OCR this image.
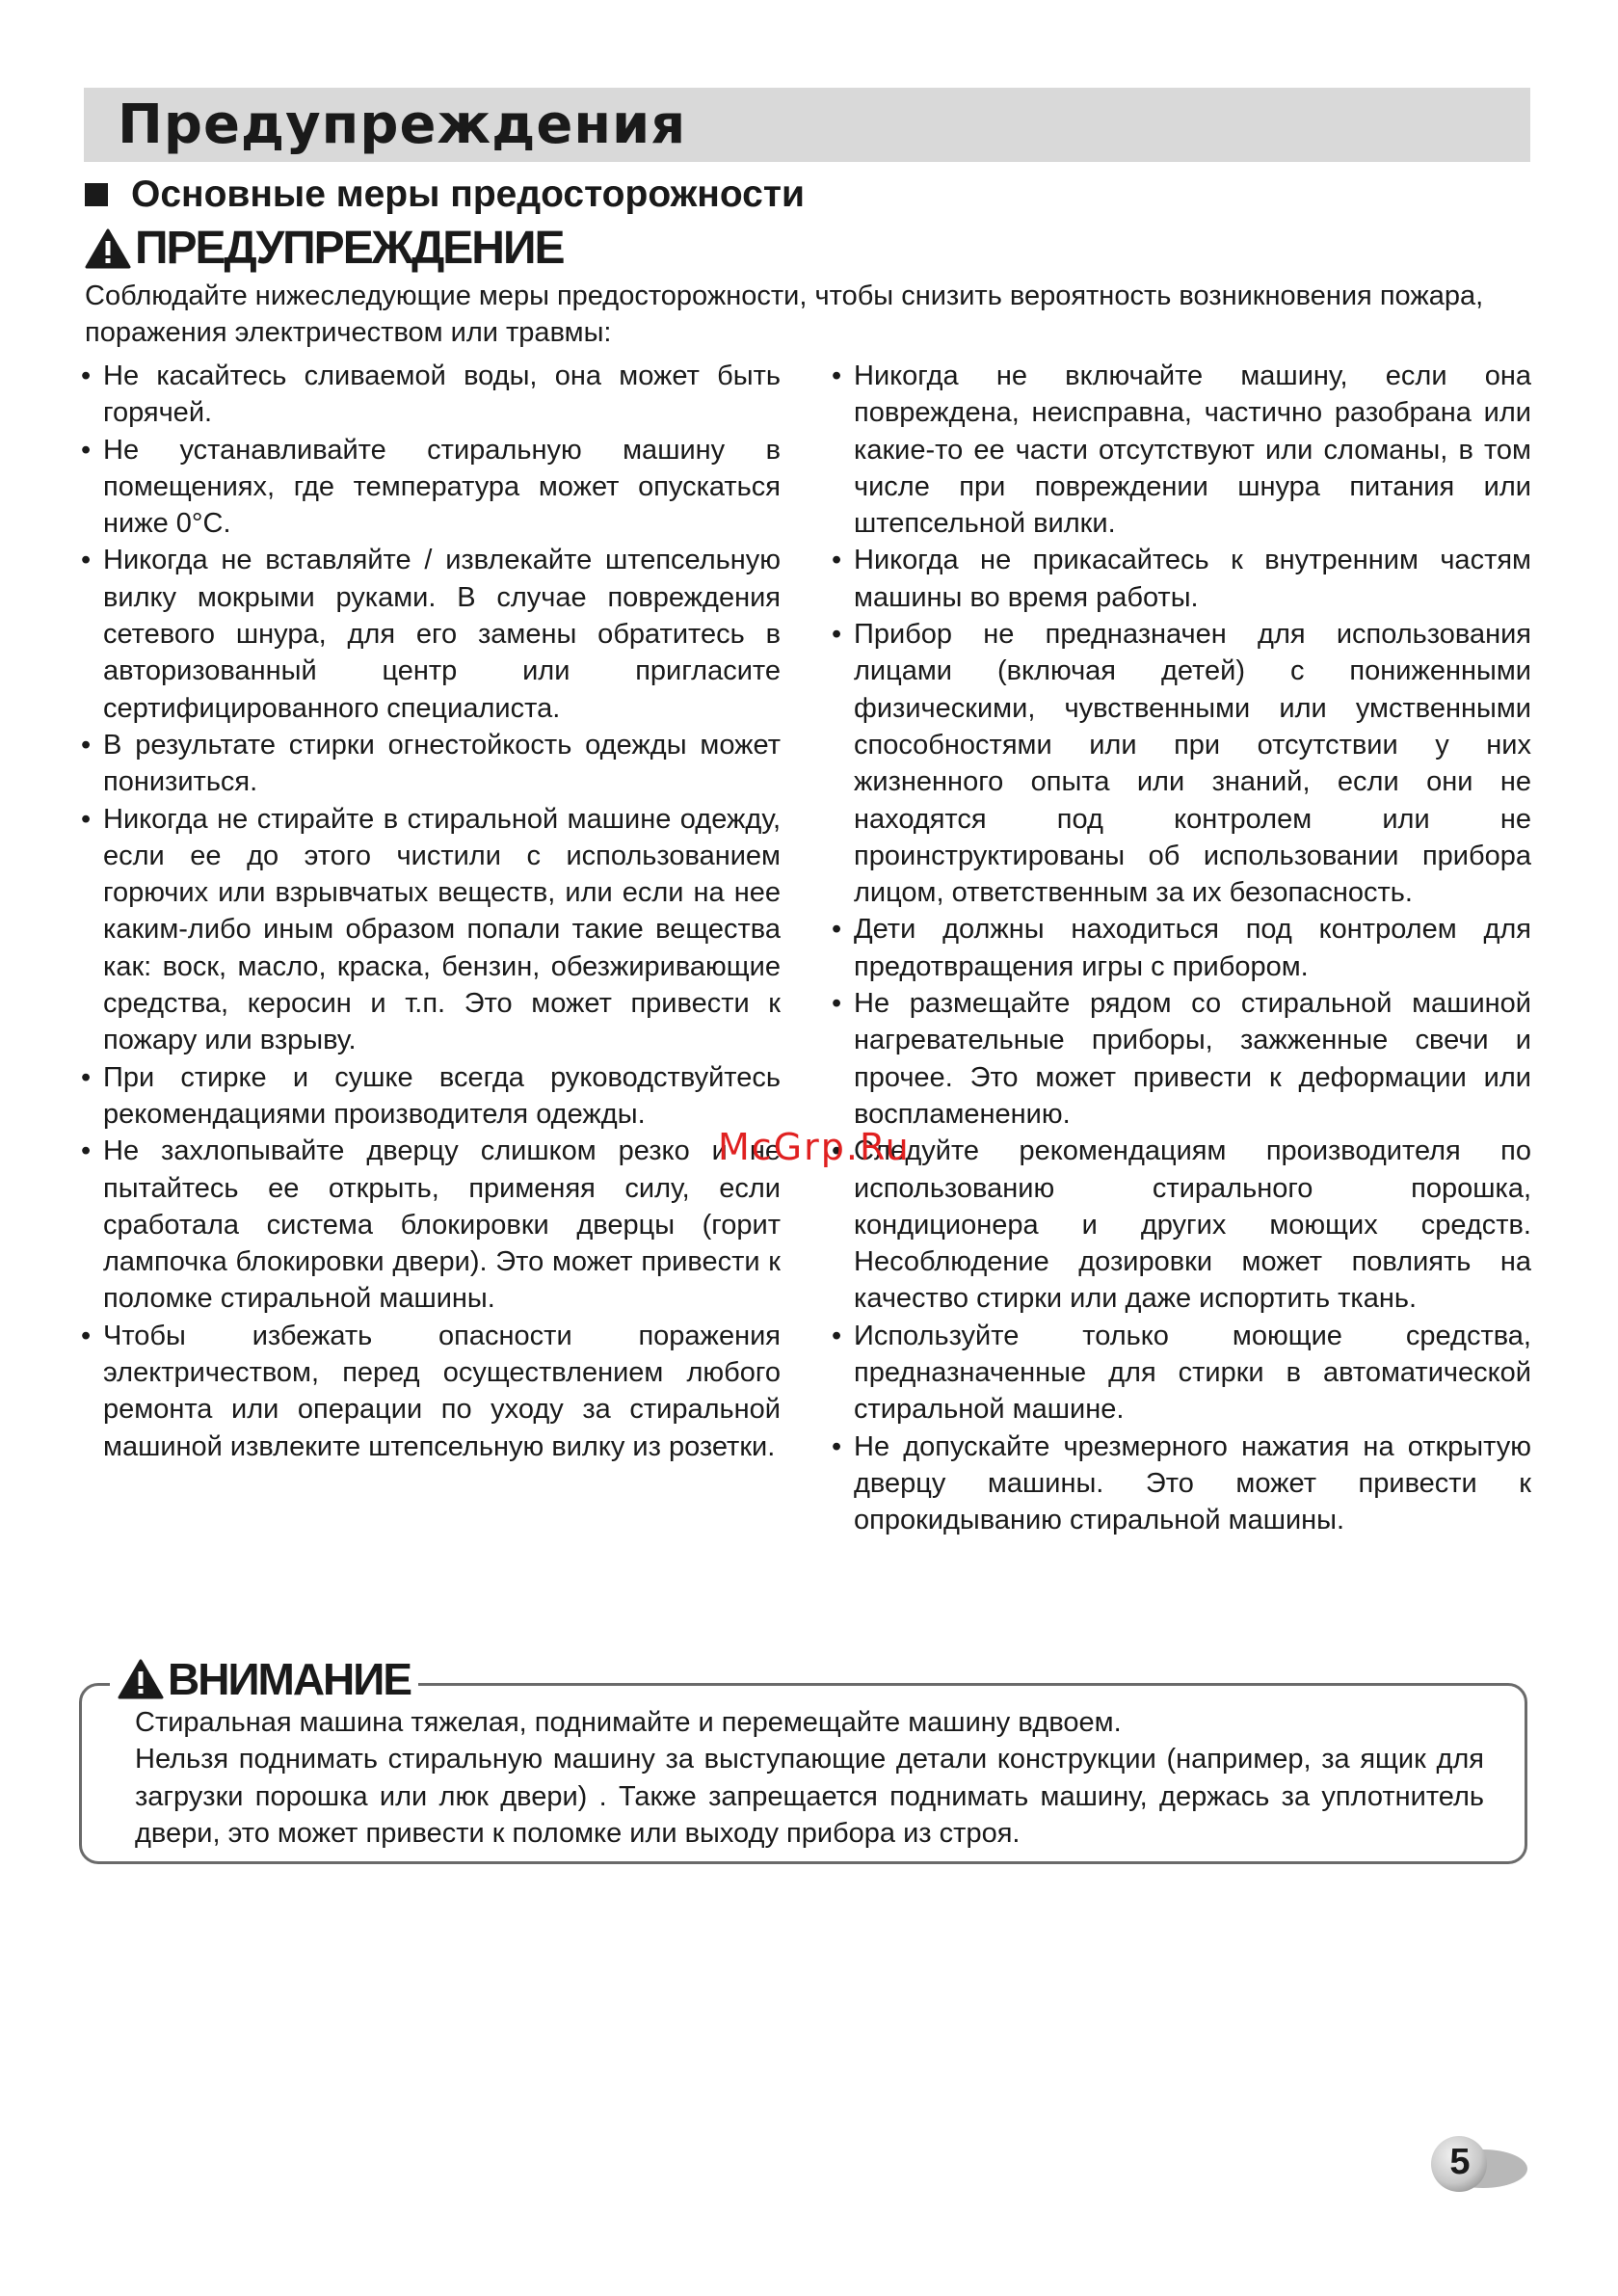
Предупреждения
Основные меры предосторожности
ПРЕДУПРЕЖДЕНИЕ

Соблюдайте нижеследующие меры предосторожности, чтобы снизить вероятность возникновения пожара, поражения электричеством или травмы:

• Не касайтесь сливаемой воды, она может быть горячей.
• Не устанавливайте стиральную машину в помещениях, где температура может опускаться ниже 0°С.
• Никогда не вставляйте / извлекайте штепсельную вилку мокрыми руками. В случае повреждения сетевого шнура, для его замены обратитесь в авторизованный центр или пригласите сертифицированного специалиста.
• В результате стирки огнестойкость одежды может понизиться.
• Никогда не стирайте в стиральной машине одежду, если ее до этого чистили с использованием горючих или взрывчатых веществ, или если на нее каким-либо иным образом попали такие вещества как: воск, масло, краска, бензин, обезжиривающие средства, керосин и т.п. Это может привести к пожару или взрыву.
• При стирке и сушке всегда руководствуйтесь рекомендациями производителя одежды.
• Не захлопывайте дверцу слишком резко и не пытайтесь ее открыть, применяя силу, если сработала система блокировки дверцы (горит лампочка блокировки двери). Это может привести к поломке стиральной машины.
• Чтобы избежать опасности поражения электричеством, перед осуществлением любого ремонта или операции по уходу за стиральной машиной извлеките штепсельную вилку из розетки.
• Никогда не включайте машину, если она повреждена, неисправна, частично разобрана или какие-то ее части отсутствуют или сломаны, в том числе при повреждении шнура питания или штепсельной вилки.
• Никогда не прикасайтесь к внутренним частям машины во время работы.
• Прибор не предназначен для использования лицами (включая детей) с пониженными физическими, чувственными или умственными способностями или при отсутствии у них жизненного опыта или знаний, если они не находятся под контролем или не проинструктированы об использовании прибора лицом, ответственным за их безопасность.
• Дети должны находиться под контролем для предотвращения игры с прибором.
• Не размещайте рядом со стиральной машиной нагревательные приборы, зажженные свечи и прочее. Это может привести к деформации или воспламенению.
• Следуйте рекомендациям производителя по использованию стирального порошка, кондиционера и других моющих средств. Несоблюдение дозировки может повлиять на качество стирки или даже испортить ткань.
• Используйте только моющие средства, предназначенные для стирки в автоматической стиральной машине.
• Не допускайте чрезмерного нажатия на открытую дверцу машины. Это может привести к опрокидыванию стиральной машины.
McGrp.Ru
ВНИМАНИЕ

Стиральная машина тяжелая, поднимайте и перемещайте машину вдвоем.

Нельзя поднимать стиральную машину за выступающие детали конструкции (например, за ящик для загрузки порошка или люк двери) . Также запрещается поднимать машину, держась за уплотнитель двери, это может привести к поломке или выходу прибора из строя.

5
